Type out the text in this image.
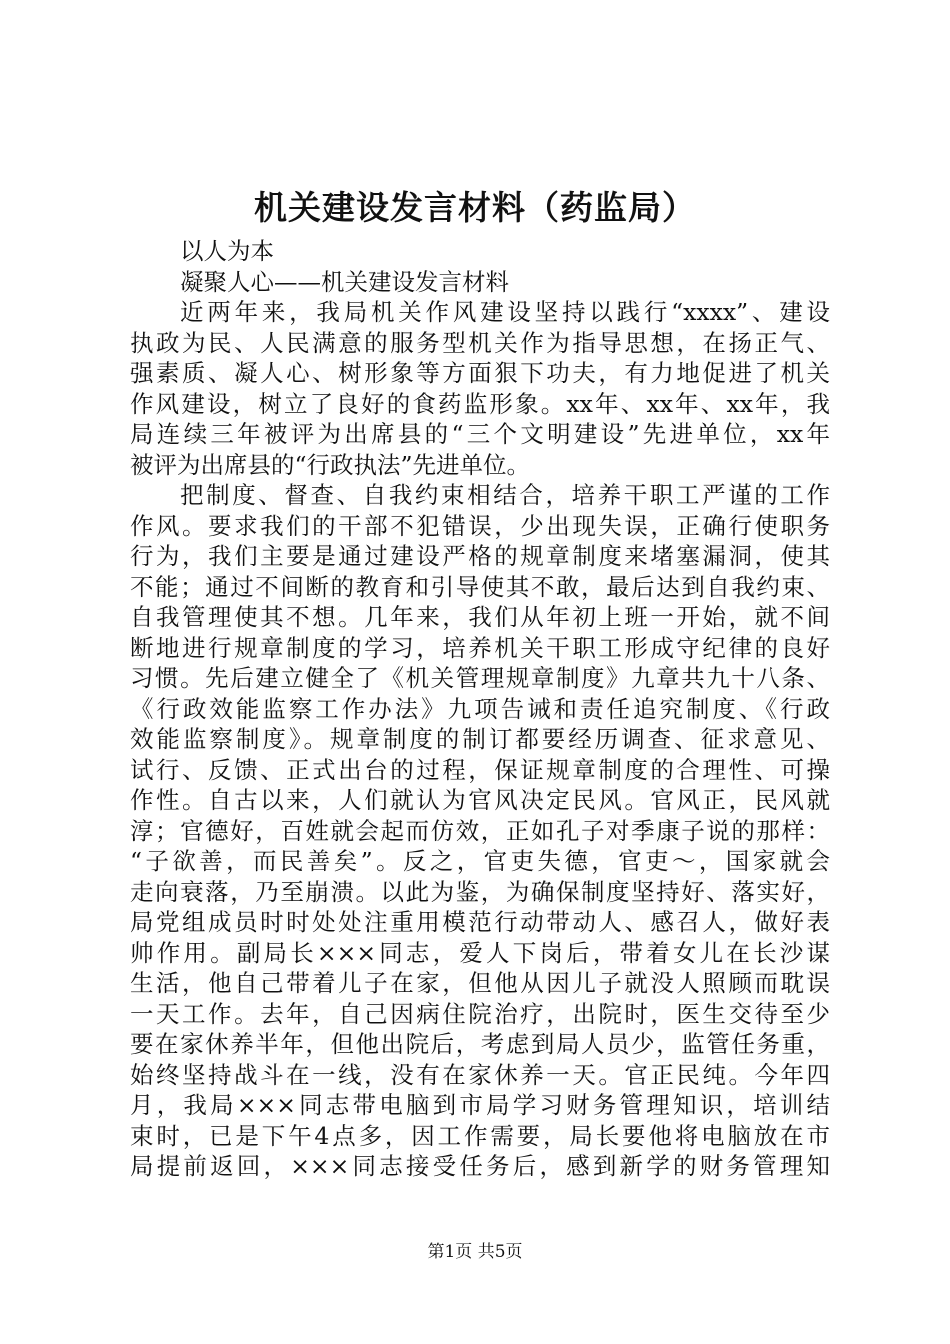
机关建设发言材料（药监局）
以人为本
凝聚人心——机关建设发言材料
近两年来，我局机关作风建设坚持以践行“xxxx”、建设
执政为民、人民满意的服务型机关作为指导思想，在扬正气、
强素质、凝人心、树形象等方面狠下功夫，有力地促进了机关
作风建设，树立了良好的食药监形象。xx年、xx年、xx年，我
局连续三年被评为出席县的“三个文明建设”先进单位，xx年
被评为出席县的“行政执法”先进单位。
把制度、督查、自我约束相结合，培养干职工严谨的工作
作风。要求我们的干部不犯错误，少出现失误，正确行使职务
行为，我们主要是通过建设严格的规章制度来堵塞漏洞，使其
不能；通过不间断的教育和引导使其不敢，最后达到自我约束、
自我管理使其不想。几年来，我们从年初上班一开始，就不间
断地进行规章制度的学习，培养机关干职工形成守纪律的良好
习惯。先后建立健全了《机关管理规章制度》九章共九十八条、
《行政效能监察工作办法》九项告诫和责任追究制度、《行政
效能监察制度》。规章制度的制订都要经历调查、征求意见、
试行、反馈、正式出台的过程，保证规章制度的合理性、可操
作性。自古以来，人们就认为官风决定民风。官风正，民风就
淳；官德好，百姓就会起而仿效，正如孔子对季康子说的那样：
“子欲善，而民善矣”。反之，官吏失德，官吏～，国家就会
走向衰落，乃至崩溃。以此为鉴，为确保制度坚持好、落实好，
局党组成员时时处处注重用模范行动带动人、感召人，做好表
帅作用。副局长×××同志，爱人下岗后，带着女儿在长沙谋
生活，他自己带着儿子在家，但他从因儿子就没人照顾而耽误
一天工作。去年，自己因病住院治疗，出院时，医生交待至少
要在家休养半年，但他出院后，考虑到局人员少，监管任务重，
始终坚持战斗在一线，没有在家休养一天。官正民纯。今年四
月，我局×××同志带电脑到市局学习财务管理知识，培训结
束时，已是下午4点多，因工作需要，局长要他将电脑放在市
局提前返回，×××同志接受任务后，感到新学的财务管理知
第1页 共5页
